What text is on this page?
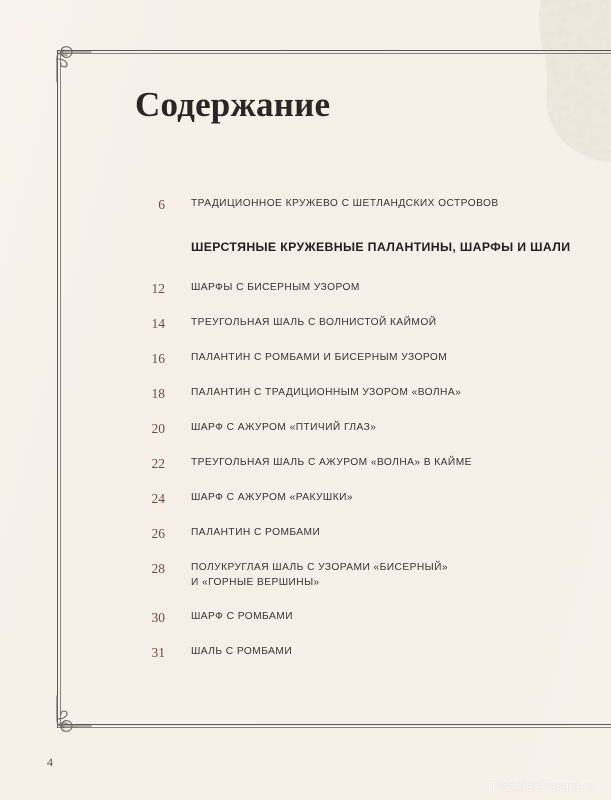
Содержание
6	ТРАДИЦИОННОЕ КРУЖЕВО С ШЕТЛАНДСКИХ ОСТРОВОВ
ШЕРСТЯНЫЕ КРУЖЕВНЫЕ ПАЛАНТИНЫ, ШАРФЫ И ШАЛИ
12	ШАРФЫ С БИСЕРНЫМ УЗОРОМ
14	ТРЕУГОЛЬНАЯ ШАЛЬ С ВОЛНИСТОЙ КАЙМОЙ
16	ПАЛАНТИН С РОМБАМИ И БИСЕРНЫМ УЗОРОМ
18	ПАЛАНТИН С ТРАДИЦИОННЫМ УЗОРОМ «ВОЛНА»
20	ШАРФ С АЖУРОМ «ПТИЧИЙ ГЛАЗ»
22	ТРЕУГОЛЬНАЯ ШАЛЬ С АЖУРОМ «ВОЛНА» В КАЙМЕ
24	ШАРФ С АЖУРОМ «РАКУШКИ»
26	ПАЛАНТИН С РОМБАМИ
28	ПОЛУКРУГЛАЯ ШАЛЬ С УЗОРАМИ «БИСЕРНЫЙ»
И «ГОРНЫЕ ВЕРШИНЫ»
30	ШАРФ С РОМБАМИ
31	ШАЛЬ С РОМБАМИ
4
PassionForum.ru
